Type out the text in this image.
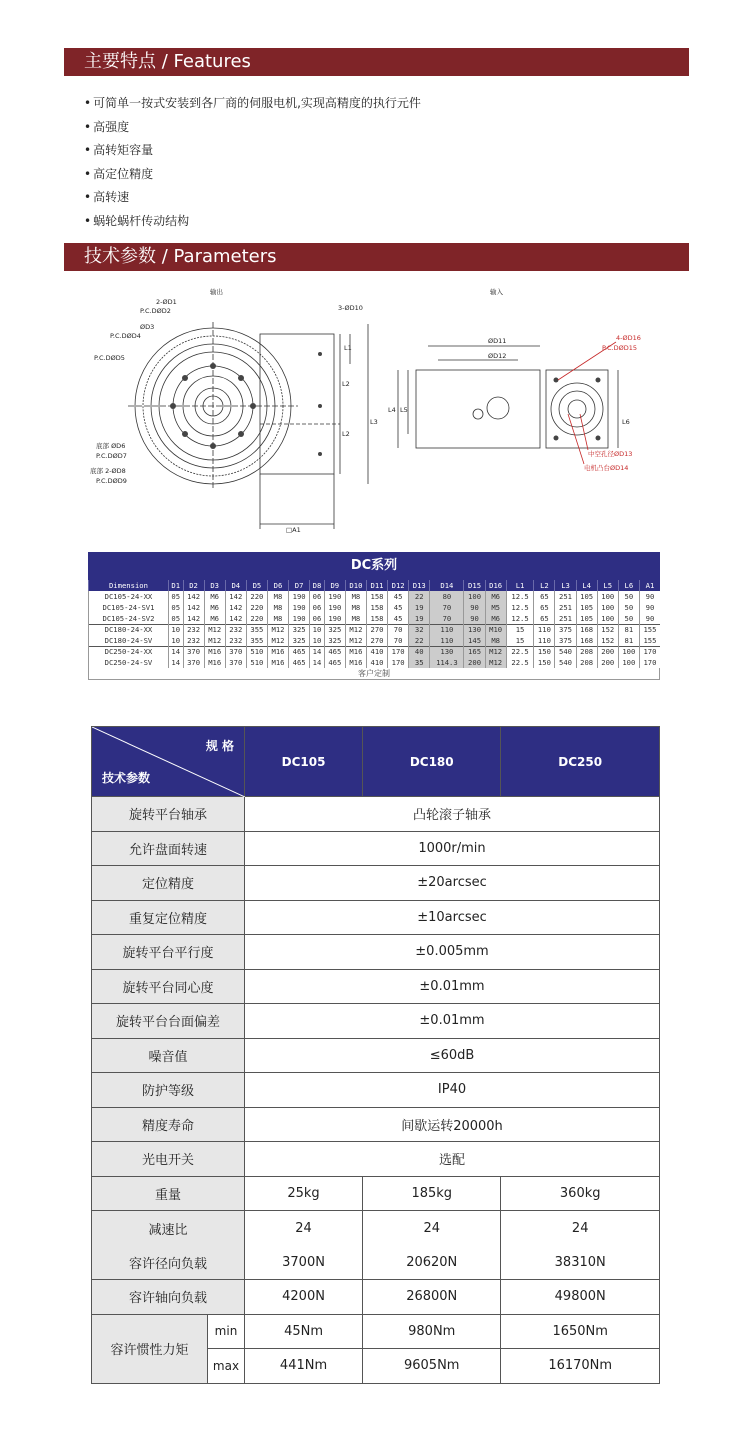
主要特点 / Features
• 可简单一按式安装到各厂商的伺服电机,实现高精度的执行元件
• 高强度
• 高转矩容量
• 高定位精度
• 高转速
• 蜗轮蜗杆传动结构
技术参数 / Parameters
输出	输入
2-ØD1
P.C.DØD2
ØD3
P.C.DØD4
P.C.DØD5
底部 ØD6
P.C.DØD7
底部 2-ØD8
P.C.DØD9
3-ØD10
L1
L2
L2
L3
□A1
ØD11
ØD12
L4 L5
L6
4-ØD16
P.C.DØD15
中空孔径ØD13
电机凸台ØD14
DC系列
Dimension	D1	D2	D3	D4	D5	D6	D7	D8	D9	D10	D11	D12	D13	D14	D15	D16	L1	L2	L3	L4	L5	L6	A1
DC105-24-XX	05	142	M6	142	220	M8	190	06	190	M8	158	45	22	80	100	M6	12.5	65	251	105	100	50	90
DC105-24-SV1	05	142	M6	142	220	M8	190	06	190	M8	158	45	19	70	90	M5	12.5	65	251	105	100	50	90
DC105-24-SV2	05	142	M6	142	220	M8	190	06	190	M8	158	45	19	70	90	M6	12.5	65	251	105	100	50	90
DC180-24-XX	10	232	M12	232	355	M12	325	10	325	M12	270	70	32	110	130	M10	15	110	375	168	152	81	155
DC180-24-SV	10	232	M12	232	355	M12	325	10	325	M12	270	70	22	110	145	M8	15	110	375	168	152	81	155
DC250-24-XX	14	370	M16	370	510	M16	465	14	465	M16	410	170	40	130	165	M12	22.5	150	540	208	200	100	170
DC250-24-SV	14	370	M16	370	510	M16	465	14	465	M16	410	170	35	114.3	200	M12	22.5	150	540	208	200	100	170
客户定制
规 格
技术参数		DC105	DC180	DC250
旋转平台轴承		凸轮滚子轴承		
允许盘面转速		1000r/min		
定位精度		±20arcsec		
重复定位精度		±10arcsec		
旋转平台平行度		±0.005mm		
旋转平台同心度		±0.01mm		
旋转平台台面偏差		±0.01mm		
噪音值		≤60dB		
防护等级		IP40		
精度寿命		间歇运转20000h		
光电开关		选配		
重量		25kg	185kg	360kg
减速比		24	24	24
容许径向负载		3700N	20620N	38310N
容许轴向负载		4200N	26800N	49800N
容许惯性力矩	min	45Nm	980Nm	1650Nm
	max	441Nm	9605Nm	16170Nm
